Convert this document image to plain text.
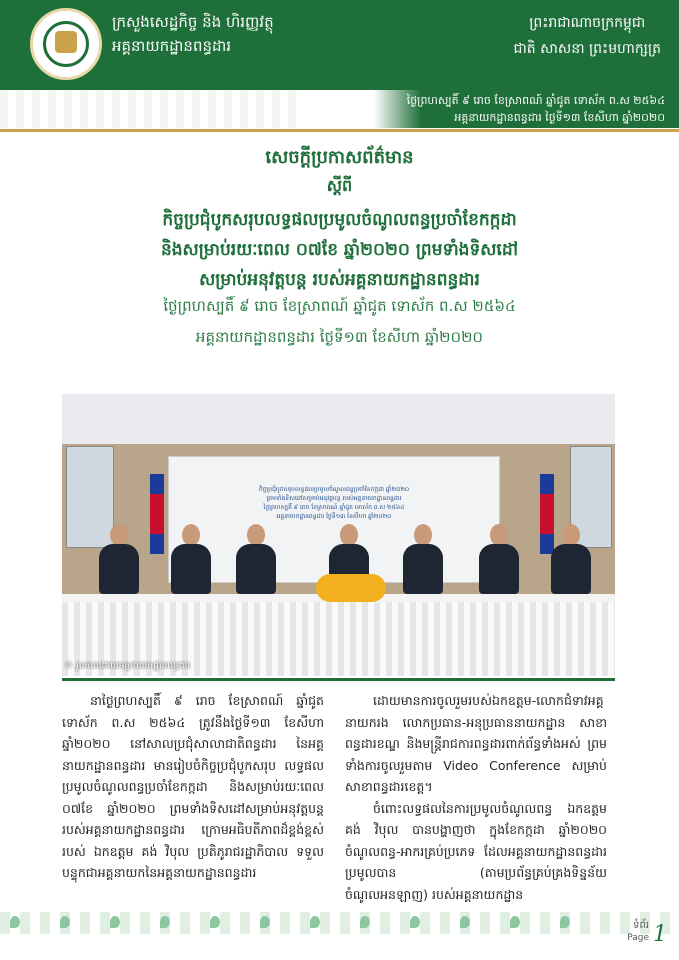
ក្រសួងសេដ្ឋកិច្ច និង ហិរញ្ញវត្ថុ
អគ្គនាយកដ្ឋានពន្ធដារ
ព្រះរាជាណាចក្រកម្ពុជា
ជាតិ សាសនា ព្រះមហាក្សត្រ
ថ្ងៃព្រហស្បតិ៍ ៩ រោច ខែស្រាពណ៍ ឆ្នាំជូត ទោស័ក ព.ស ២៥៦៤
អគ្គនាយកដ្ឋានពន្ធដារ ថ្ងៃទី១៣ ខែសីហា ឆ្នាំ២០២០
សេចក្តីប្រកាសព័ត៌មាន
ស្តីពី
កិច្ចប្រជុំបូកសរុបលទ្ធផលប្រមូលចំណូលពន្ធប្រចាំខែកក្កដា
និងសម្រាប់រយៈពេល ០៧ខែ ឆ្នាំ២០២០ ព្រមទាំងទិសដៅ
សម្រាប់អនុវត្តបន្ត របស់អគ្គនាយកដ្ឋានពន្ធដារ
ថ្ងៃព្រហស្បតិ៍ ៩ រោច ខែស្រាពណ៍ ឆ្នាំជូត ទោស័ក ព.ស ២៥៦៤
អគ្គនាយកដ្ឋានពន្ធដារ ថ្ងៃទី១៣ ខែសីហា ឆ្នាំ២០២០
កិច្ចប្រជុំបូកសរុបលទ្ធផលប្រមូលចំណូលពន្ធប្រចាំខែកក្កដា ឆ្នាំ២០២០
ព្រមទាំងទិសដៅសម្រាប់អនុវត្តបន្ត របស់អគ្គនាយកដ្ឋានពន្ធដារ
ថ្ងៃព្រហស្បតិ៍ ៩ រោច ខែស្រាពណ៍ ឆ្នាំជូត ទោស័ក ព.ស ២៥៦៤
អគ្គនាយកដ្ឋានពន្ធដារ ថ្ងៃទី១៣ ខែសីហា ឆ្នាំ២០២០
© រូបភាពដោយអគ្គនាយកដ្ឋានពន្ធដារ

នាថ្ងៃព្រហស្បតិ៍ ៩ រោច ខែស្រាពណ៍ ឆ្នាំជូត ទោស័ក ព.ស ២៥៦៤ ត្រូវនឹងថ្ងៃទី១៣ ខែសីហា ឆ្នាំ២០២០ នៅសាលប្រជុំសាលាជាតិពន្ធដារ នៃអគ្គនាយកដ្ឋានពន្ធដារ មានរៀបចំកិច្ចប្រជុំបូកសរុប លទ្ធផលប្រមូលចំណូលពន្ធប្រចាំខែកក្កដា និងសម្រាប់រយៈពេល ០៧ខែ ឆ្នាំ២០២០ ព្រមទាំងទិសដៅសម្រាប់អនុវត្តបន្ត របស់អគ្គនាយកដ្ឋានពន្ធដារ ក្រោមអធិបតីភាពដ៏ខ្ពង់ខ្ពស់របស់ ឯកឧត្តម គង់ វិបុល ប្រតិភូរាជរដ្ឋាភិបាល ទទួលបន្ទុកជាអគ្គនាយកនៃអគ្គនាយកដ្ឋានពន្ធដារ

ដោយមានការចូលរួមរបស់ឯកឧត្តម-លោកជំទាវអគ្គនាយករង លោកប្រធាន-អនុប្រធាននាយកដ្ឋាន សាខាពន្ធដារខណ្ឌ និងមន្ត្រីរាជការពន្ធដារពាក់ព័ន្ធទាំងអស់ ព្រមទាំងការចូលរួមតាម Video Conference សម្រាប់សាខាពន្ធដារខេត្ត។

ចំពោះលទ្ធផលនៃការប្រមូលចំណូលពន្ធ ឯកឧត្តម គង់ វិបុល បានបង្ហាញថា ក្នុងខែកក្កដា ឆ្នាំ២០២០ ចំណូលពន្ធ-អាករគ្រប់ប្រភេទ ដែលអគ្គនាយកដ្ឋានពន្ធដារប្រមូលបាន (តាមប្រព័ន្ធគ្រប់គ្រងទិន្នន័យចំណូលអនឡាញ) របស់អគ្គនាយកដ្ឋាន

ទំព័រ
Page 1
